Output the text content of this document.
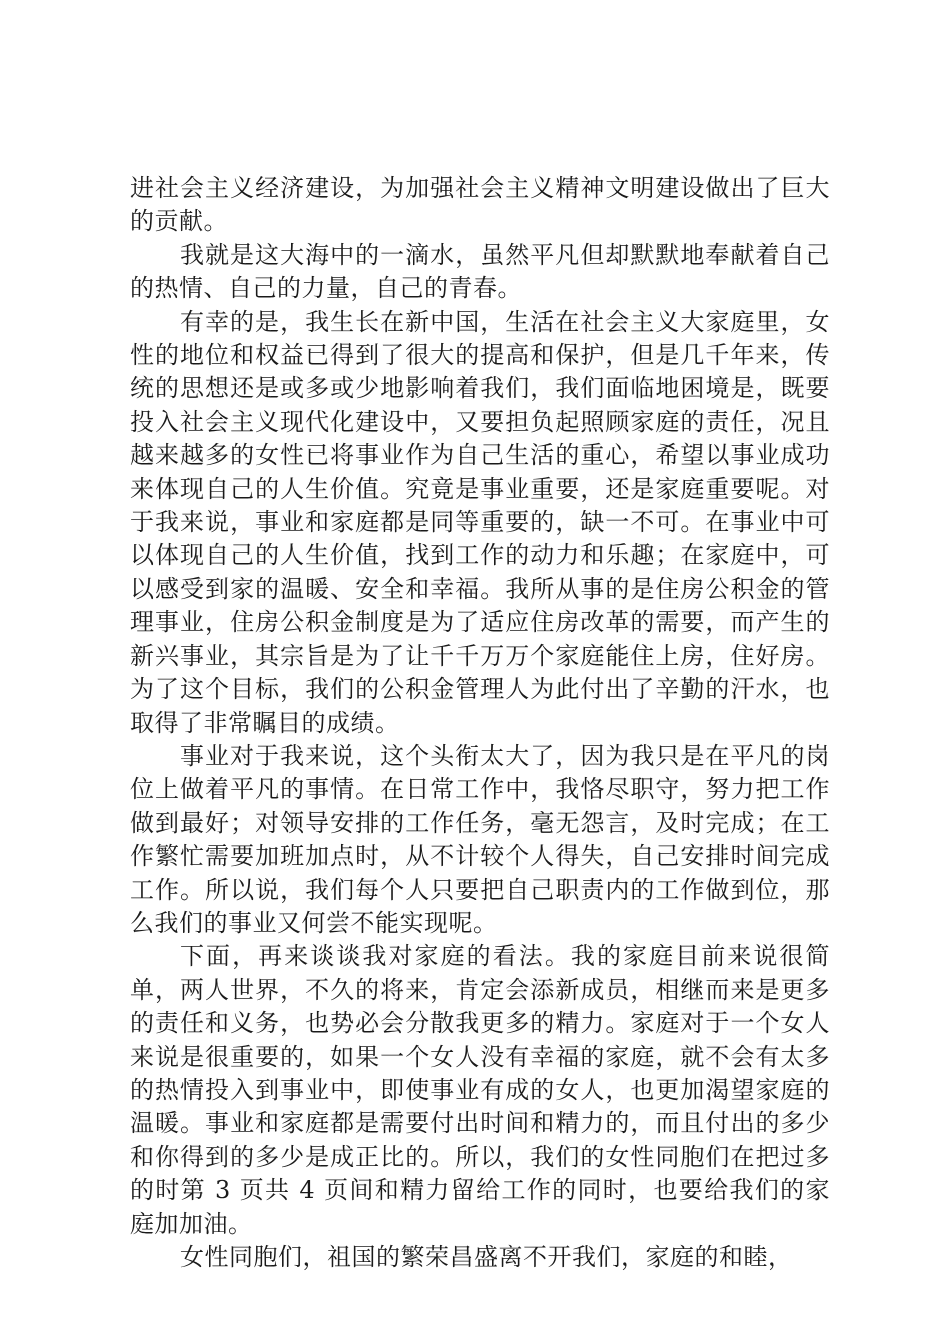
进社会主义经济建设，为加强社会主义精神文明建设做出了巨大的贡献。

我就是这大海中的一滴水，虽然平凡但却默默地奉献着自己的热情、自己的力量，自己的青春。

有幸的是，我生长在新中国，生活在社会主义大家庭里，女性的地位和权益已得到了很大的提高和保护，但是几千年来，传统的思想还是或多或少地影响着我们，我们面临地困境是，既要投入社会主义现代化建设中，又要担负起照顾家庭的责任，况且越来越多的女性已将事业作为自己生活的重心，希望以事业成功来体现自己的人生价值。究竟是事业重要，还是家庭重要呢。对于我来说，事业和家庭都是同等重要的，缺一不可。在事业中可以体现自己的人生价值，找到工作的动力和乐趣；在家庭中，可以感受到家的温暖、安全和幸福。我所从事的是住房公积金的管理事业，住房公积金制度是为了适应住房改革的需要，而产生的新兴事业，其宗旨是为了让千千万万个家庭能住上房，住好房。为了这个目标，我们的公积金管理人为此付出了辛勤的汗水，也取得了非常瞩目的成绩。

事业对于我来说，这个头衔太大了，因为我只是在平凡的岗位上做着平凡的事情。在日常工作中，我恪尽职守，努力把工作做到最好；对领导安排的工作任务，毫无怨言，及时完成；在工作繁忙需要加班加点时，从不计较个人得失，自己安排时间完成工作。所以说，我们每个人只要把自己职责内的工作做到位，那么我们的事业又何尝不能实现呢。

下面，再来谈谈我对家庭的看法。我的家庭目前来说很简单，两人世界，不久的将来，肯定会添新成员，相继而来是更多的责任和义务，也势必会分散我更多的精力。家庭对于一个女人来说是很重要的，如果一个女人没有幸福的家庭，就不会有太多的热情投入到事业中，即使事业有成的女人，也更加渴望家庭的温暖。事业和家庭都是需要付出时间和精力的，而且付出的多少和你得到的多少是成正比的。所以，我们的女性同胞们在把过多的时第 3 页共 4 页间和精力留给工作的同时，也要给我们的家庭加加油。

女性同胞们，祖国的繁荣昌盛离不开我们，家庭的和睦，
